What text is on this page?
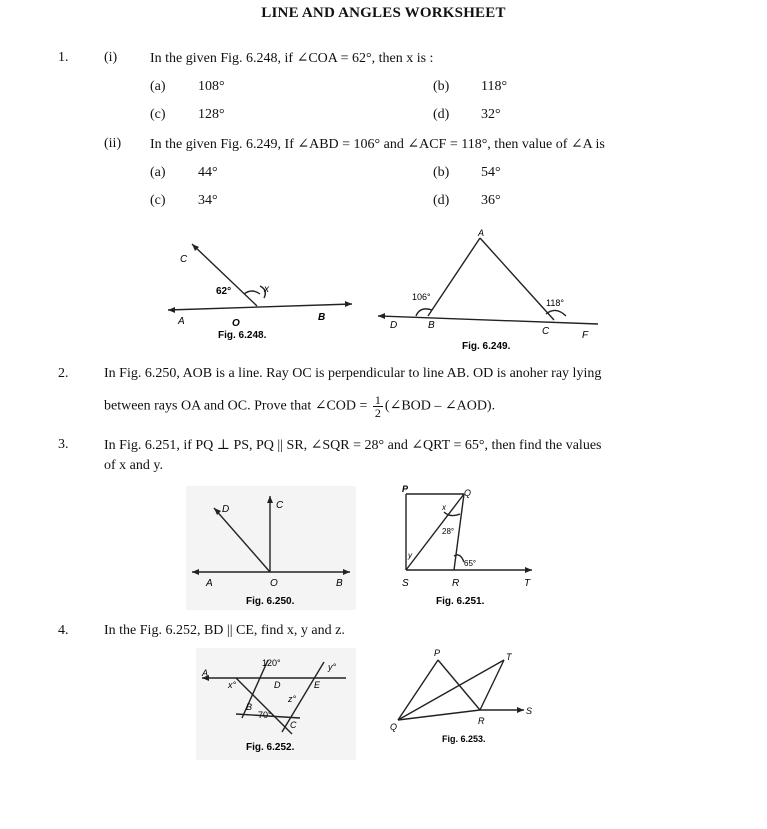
LINE AND ANGLES WORKSHEET
1.	(i) In the given Fig. 6.248, if ∠COA = 62°, then x is :
(a) 108°	(b) 118°
(c) 128°	(d) 32°
(ii) In the given Fig. 6.249, If ∠ABD = 106° and ∠ACF = 118°, then value of ∠A is
(a) 44°	(b) 54°
(c) 34°	(d) 36°
C
62°	x
O
A	B
Fig. 6.248.
A
106°
118°
D	B
C	F
Fig. 6.249.
2.	In Fig. 6.250, AOB is a line. Ray OC is perpendicular to line AB. OD is anoher ray lying
between rays OA and OC. Prove that ∠COD = $\frac{1}{2}$ (∠BOD – ∠AOD).
3.	In Fig. 6.251, if PQ ⊥ PS, PQ || SR, ∠SQR = 28° and ∠QRT = 65°, then find the values
of x and y.
D	C
A	O	B
Fig. 6.250.
P	Q
x
28°
y
65°
S	R	T
Fig. 6.251.
4.	In the Fig. 6.252, BD || CE, find x, y and z.
120°	y°
A
x°	D	E
z°
B
70°
C
Fig. 6.252.
P	T
Q
R
S
Fig. 6.253.
